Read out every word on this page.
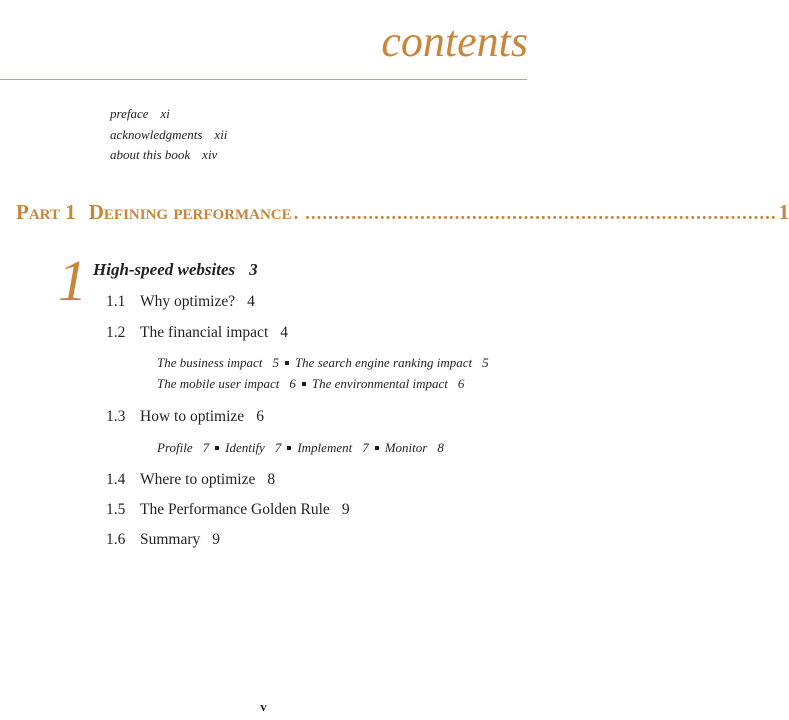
contents
preface xi
acknowledgments xii
about this book xiv
Part 1 Defining performance . .................................................................................. 1
1 High-speed websites 3
1.1 Why optimize? 4
1.2 The financial impact 4
The business impact 5 The search engine ranking impact 5
The mobile user impact 6 The environmental impact 6
1.3 How to optimize 6
Profile 7 Identify 7 Implement 7 Monitor 8
1.4 Where to optimize 8
1.5 The Performance Golden Rule 9
1.6 Summary 9
v
